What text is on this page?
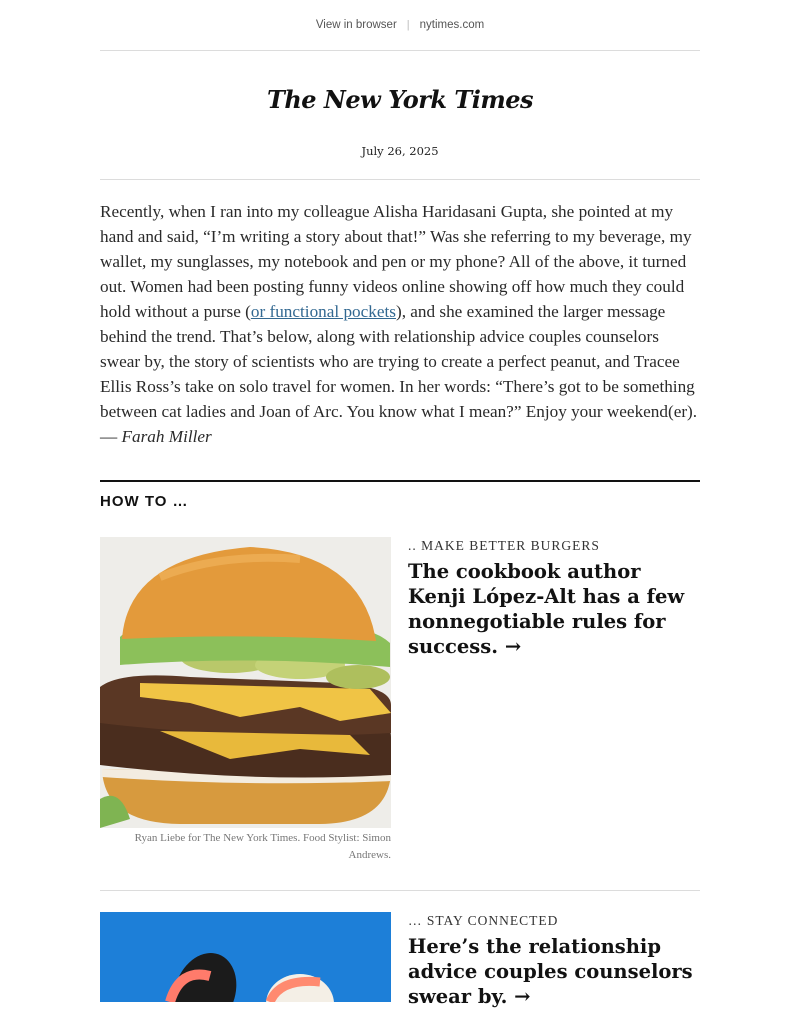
View in browser | nytimes.com
The New York Times
July 26, 2025

Recently, when I ran into my colleague Alisha Haridasani Gupta, she pointed at my hand and said, “I’m writing a story about that!” Was she referring to my beverage, my wallet, my sunglasses, my notebook and pen or my phone? All of the above, it turned out. Women had been posting funny videos online showing off how much they could hold without a purse (or functional pockets), and she examined the larger message behind the trend. That’s below, along with relationship advice couples counselors swear by, the story of scientists who are trying to create a perfect peanut, and Tracee Ellis Ross’s take on solo travel for women. In her words: “There’s got to be something between cat ladies and Joan of Arc. You know what I mean?” Enjoy your weekend(er). — Farah Miller

HOW TO …
Ryan Liebe for The New York Times. Food Stylist: Simon Andrews.
.. MAKE BETTER BURGERS
The cookbook author Kenji López-Alt has a few nonnegotiable rules for success. →
… STAY CONNECTED
Here’s the relationship advice couples counselors swear by. →
